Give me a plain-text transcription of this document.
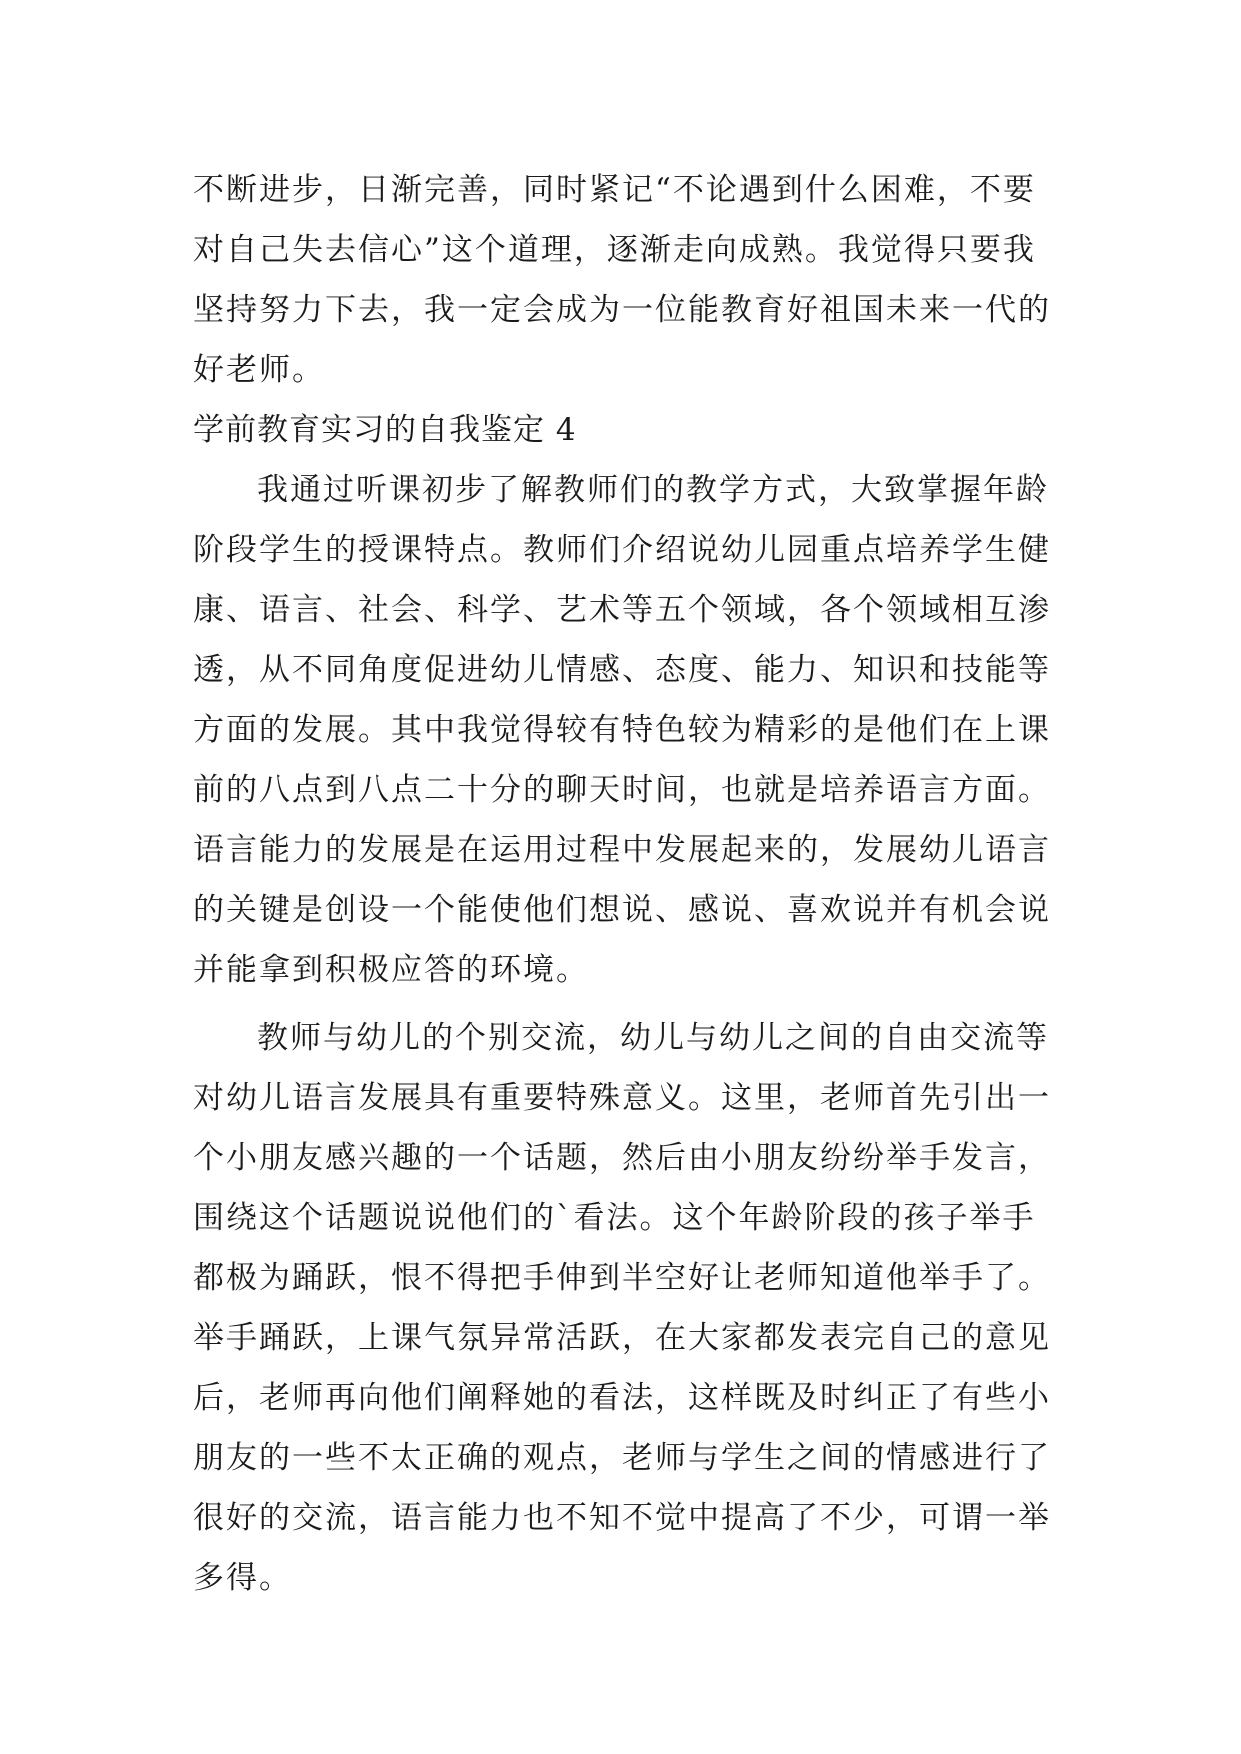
不断进步，日渐完善，同时紧记“不论遇到什么困难，不要
对自己失去信心”这个道理，逐渐走向成熟。我觉得只要我
坚持努力下去，我一定会成为一位能教育好祖国未来一代的
好老师。
学前教育实习的自我鉴定 4
我通过听课初步了解教师们的教学方式，大致掌握年龄
阶段学生的授课特点。教师们介绍说幼儿园重点培养学生健
康、语言、社会、科学、艺术等五个领域，各个领域相互渗
透，从不同角度促进幼儿情感、态度、能力、知识和技能等
方面的发展。其中我觉得较有特色较为精彩的是他们在上课
前的八点到八点二十分的聊天时间，也就是培养语言方面。
语言能力的发展是在运用过程中发展起来的，发展幼儿语言
的关键是创设一个能使他们想说、感说、喜欢说并有机会说
并能拿到积极应答的环境。
教师与幼儿的个别交流，幼儿与幼儿之间的自由交流等
对幼儿语言发展具有重要特殊意义。这里，老师首先引出一
个小朋友感兴趣的一个话题，然后由小朋友纷纷举手发言，
围绕这个话题说说他们的`看法。这个年龄阶段的孩子举手
都极为踊跃，恨不得把手伸到半空好让老师知道他举手了。
举手踊跃，上课气氛异常活跃，在大家都发表完自己的意见
后，老师再向他们阐释她的看法，这样既及时纠正了有些小
朋友的一些不太正确的观点，老师与学生之间的情感进行了
很好的交流，语言能力也不知不觉中提高了不少，可谓一举
多得。
